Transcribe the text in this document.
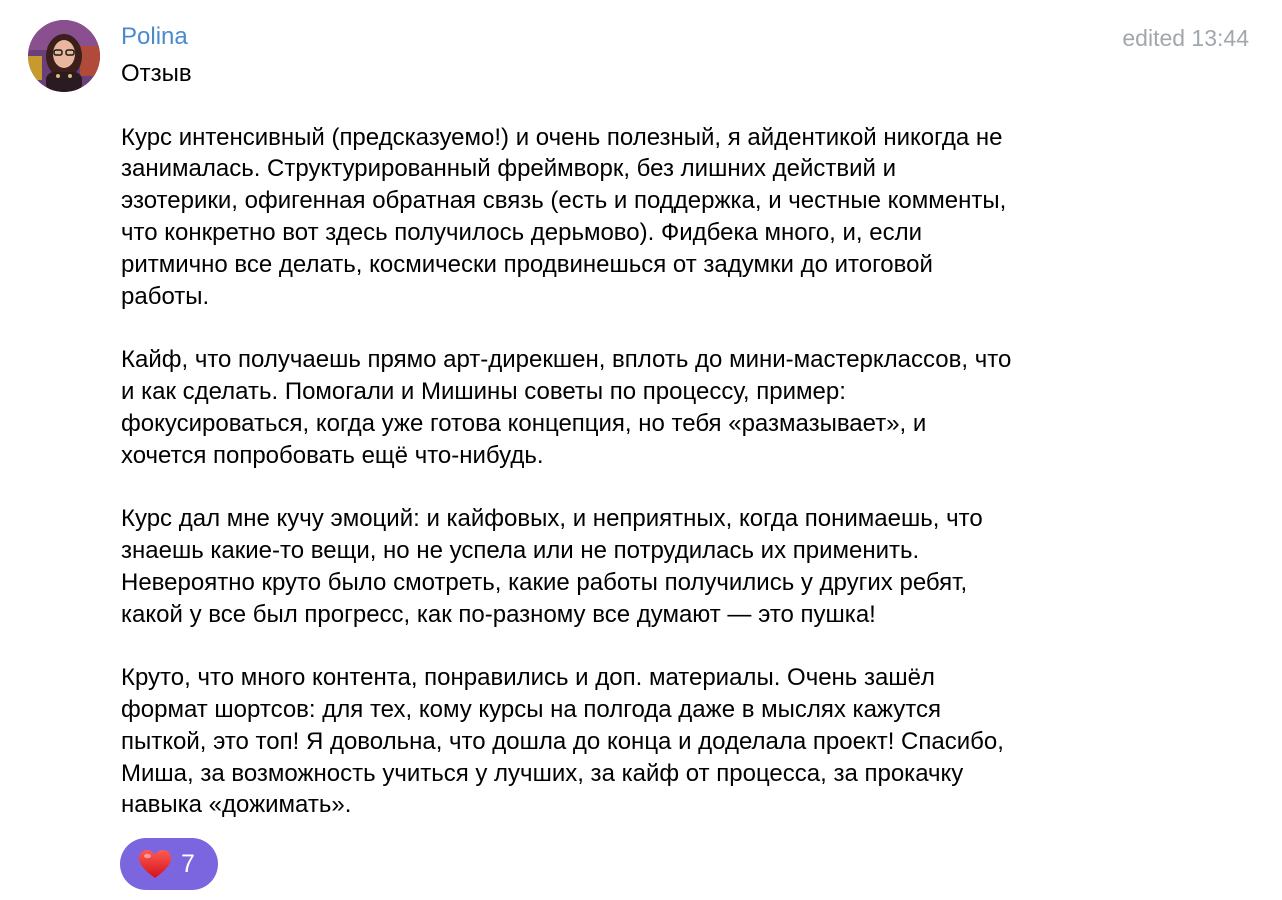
Polina	edited 13:44
Отзыв
Курс интенсивный (предсказуемо!) и очень полезный, я айдентикой никогда не
занималась. Структурированный фреймворк, без лишних действий и
эзотерики, офигенная обратная связь (есть и поддержка, и честные комменты,
что конкретно вот здесь получилось дерьмово). Фидбека много, и, если
ритмично все делать, космически продвинешься от задумки до итоговой
работы.
Кайф, что получаешь прямо арт-дирекшен, вплоть до мини-мастерклассов, что
и как сделать. Помогали и Мишины советы по процессу, пример:
фокусироваться, когда уже готова концепция, но тебя «размазывает», и
хочется попробовать ещё что-нибудь.
Курс дал мне кучу эмоций: и кайфовых, и неприятных, когда понимаешь, что
знаешь какие-то вещи, но не успела или не потрудилась их применить.
Невероятно круто было смотреть, какие работы получились у других ребят,
какой у все был прогресс, как по-разному все думают — это пушка!
Круто, что много контента, понравились и доп. материалы. Очень зашёл
формат шортсов: для тех, кому курсы на полгода даже в мыслях кажутся
пыткой, это топ! Я довольна, что дошла до конца и доделала проект! Спасибо,
Миша, за возможность учиться у лучших, за кайф от процесса, за прокачку
навыка «дожимать».
7
